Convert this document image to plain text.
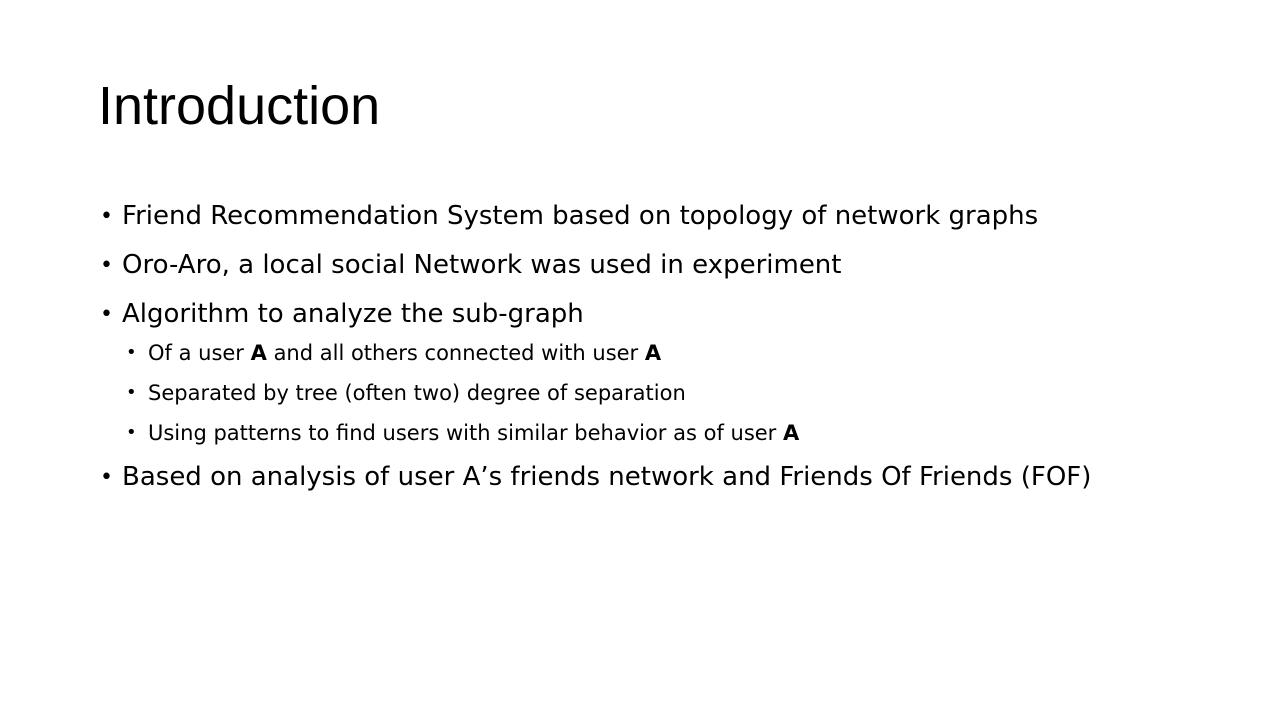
Introduction
• Friend Recommendation System based on topology of network graphs
• Oro-Aro, a local social Network was used in experiment
• Algorithm to analyze the sub-graph
• Of a user A and all others connected with user A
• Separated by tree (often two) degree of separation
• Using patterns to find users with similar behavior as of user A
• Based on analysis of user A’s friends network and Friends Of Friends (FOF)
